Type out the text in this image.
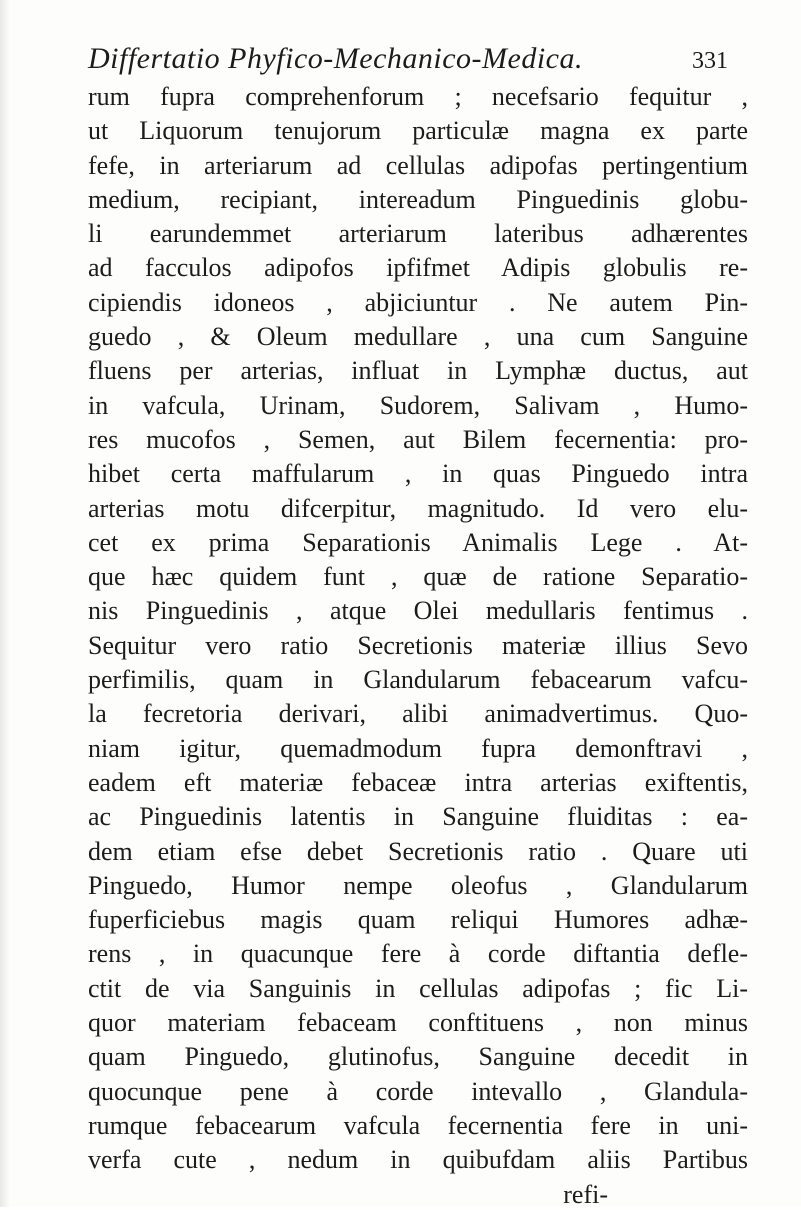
Differtatio Phyfico-Mechanico-Medica.	331
rum fupra comprehenforum ; necefsario fequitur ,
ut Liquorum tenujorum particulæ magna ex parte
fefe, in arteriarum ad cellulas adipofas pertingentium
medium, recipiant, intereadum Pinguedinis globu-
li earundemmet arteriarum lateribus adhærentes
ad facculos adipofos ipfifmet Adipis globulis re-
cipiendis idoneos , abjiciuntur . Ne autem Pin-
guedo , & Oleum medullare , una cum Sanguine
fluens per arterias, influat in Lymphæ ductus, aut
in vafcula, Urinam, Sudorem, Salivam , Humo-
res mucofos , Semen, aut Bilem fecernentia: pro-
hibet certa maffularum , in quas Pinguedo intra
arterias motu difcerpitur, magnitudo. Id vero elu-
cet ex prima Separationis Animalis Lege . At-
que hæc quidem funt , quæ de ratione Separatio-
nis Pinguedinis , atque Olei medullaris fentimus .
Sequitur vero ratio Secretionis materiæ illius Sevo
perfimilis, quam in Glandularum febacearum vafcu-
la fecretoria derivari, alibi animadvertimus. Quo-
niam igitur, quemadmodum fupra demonftravi ,
eadem eft materiæ febaceæ intra arterias exiftentis,
ac Pinguedinis latentis in Sanguine fluiditas : ea-
dem etiam efse debet Secretionis ratio . Quare uti
Pinguedo, Humor nempe oleofus , Glandularum
fuperficiebus magis quam reliqui Humores adhæ-
rens , in quacunque fere à corde diftantia defle-
ctit de via Sanguinis in cellulas adipofas ; fic Li-
quor materiam febaceam conftituens , non minus
quam Pinguedo, glutinofus, Sanguine decedit in
quocunque pene à corde intevallo , Glandula-
rumque febacearum vafcula fecernentia fere in uni-
verfa cute , nedum in quibufdam aliis Partibus
refi-
